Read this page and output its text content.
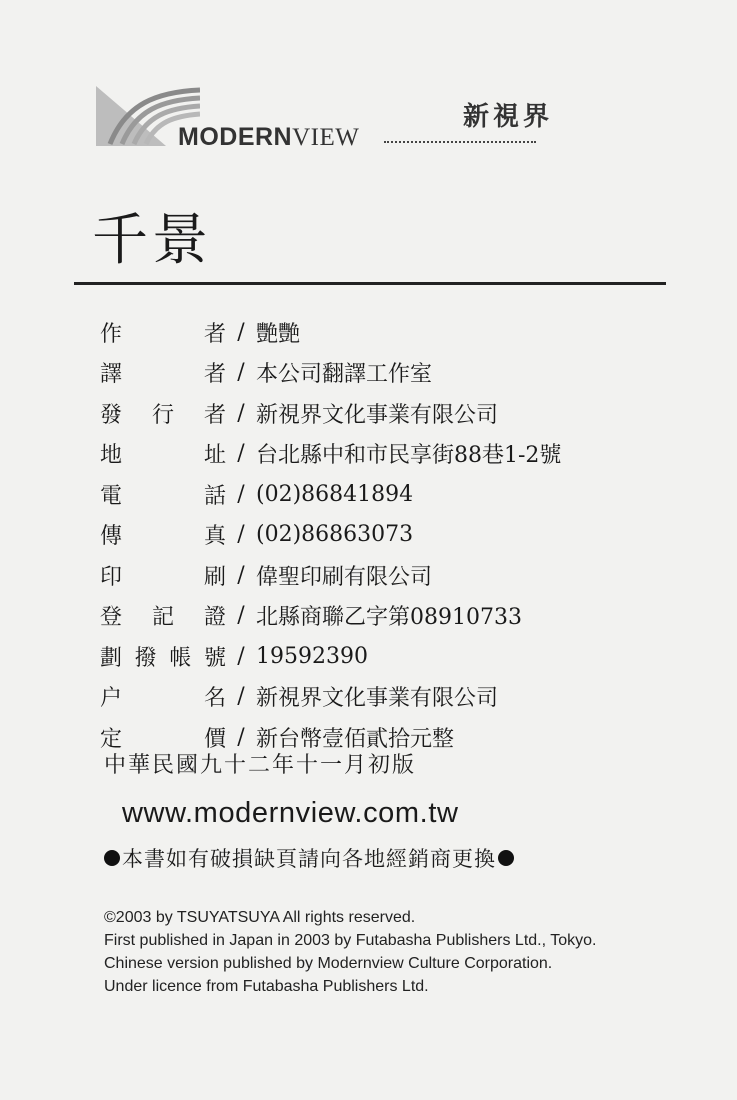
MODERNVIEW
新視界
千景
作	者 / 艷艷
譯	者 / 本公司翻譯工作室
發 行 者 / 新視界文化事業有限公司
地	址 / 台北縣中和市民享街88巷1-2號
電	話 / (02)86841894
傳	真 / (02)86863073
印	刷 / 偉聖印刷有限公司
登 記 證 / 北縣商聯乙字第08910733
劃 撥 帳 號 / 19592390
户	名 / 新視界文化事業有限公司
定	價 / 新台幣壹佰貳拾元整
中華民國九十二年十一月初版
www.modernview.com.tw
本書如有破損缺頁請向各地經銷商更換
©2003 by TSUYATSUYA All rights reserved.
First published in Japan in 2003 by Futabasha Publishers Ltd., Tokyo.
Chinese version published by Modernview Culture Corporation.
Under licence from Futabasha Publishers Ltd.
